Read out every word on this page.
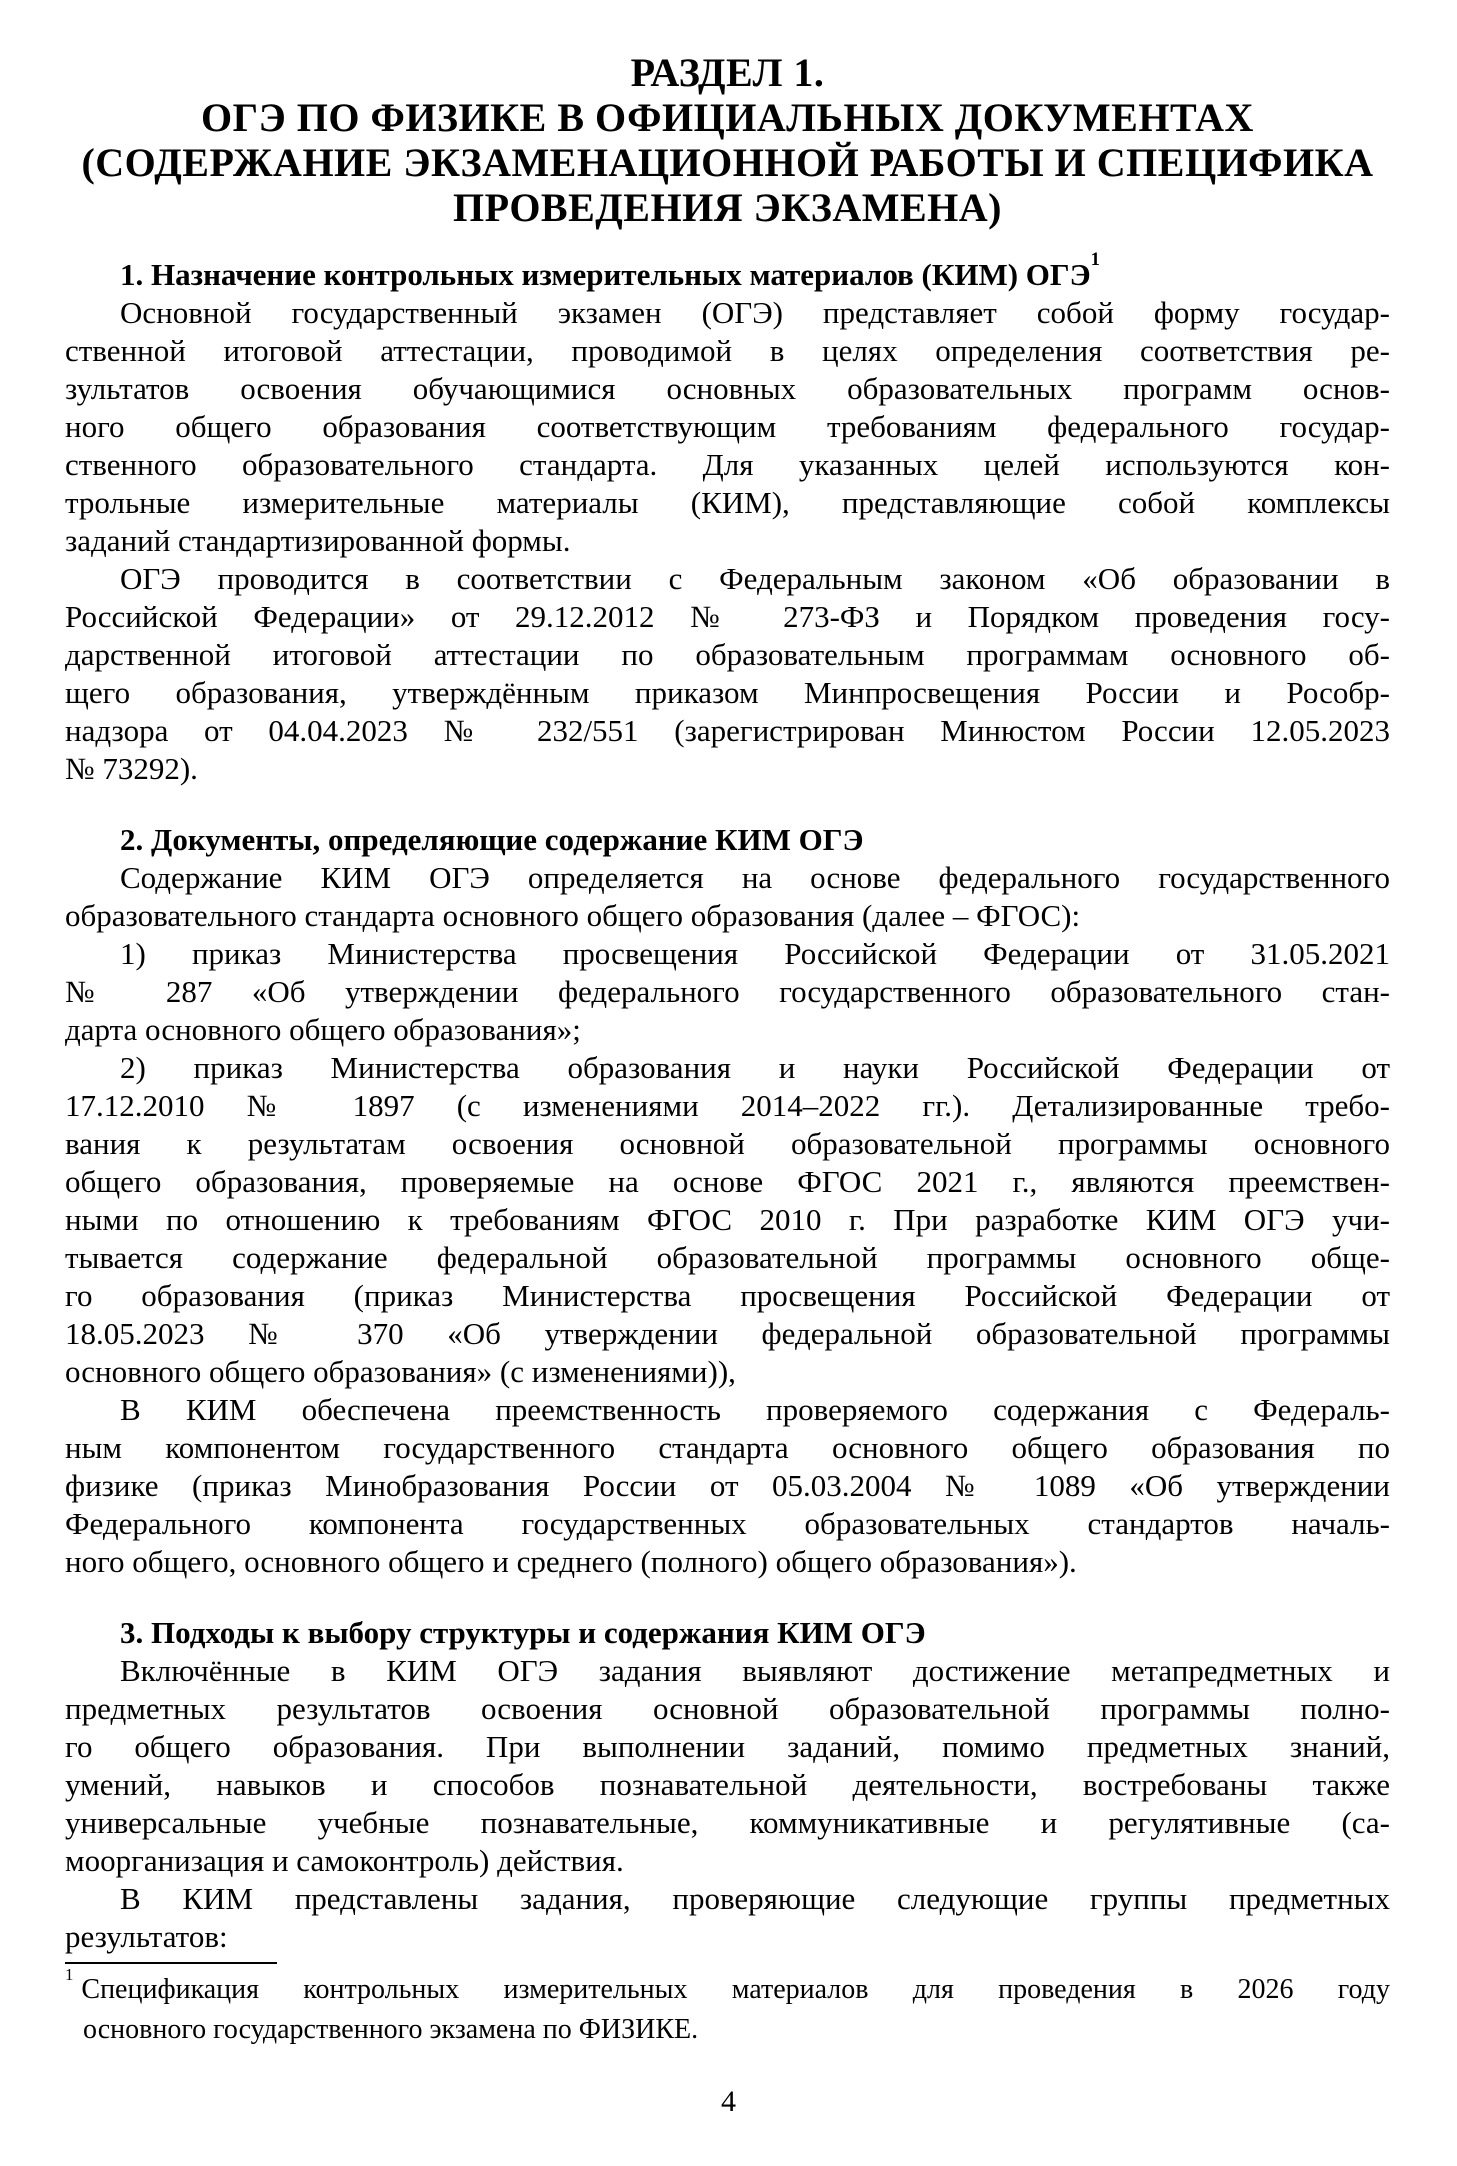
РАЗДЕЛ 1.
ОГЭ ПО ФИЗИКЕ В ОФИЦИАЛЬНЫХ ДОКУМЕНТАХ
(СОДЕРЖАНИЕ ЭКЗАМЕНАЦИОННОЙ РАБОТЫ И СПЕЦИФИКА
ПРОВЕДЕНИЯ ЭКЗАМЕНА)
1. Назначение контрольных измерительных материалов (КИМ) ОГЭ$^1$
Основной государственный экзамен (ОГЭ) представляет собой форму государ-
ственной итоговой аттестации, проводимой в целях определения соответствия ре-
зультатов освоения обучающимися основных образовательных программ основ-
ного общего образования соответствующим требованиям федерального государ-
ственного образовательного стандарта. Для указанных целей используются кон-
трольные измерительные материалы (КИМ), представляющие собой комплексы
заданий стандартизированной формы.
ОГЭ проводится в соответствии с Федеральным законом «Об образовании в
Российской Федерации» от 29.12.2012 № 273-ФЗ и Порядком проведения госу-
дарственной итоговой аттестации по образовательным программам основного об-
щего образования, утверждённым приказом Минпросвещения России и Рособр-
надзора от 04.04.2023 № 232/551 (зарегистрирован Минюстом России 12.05.2023
№ 73292).
2. Документы, определяющие содержание КИМ ОГЭ
Содержание КИМ ОГЭ определяется на основе федерального государственного
образовательного стандарта основного общего образования (далее – ФГОС):
1) приказ Министерства просвещения Российской Федерации от 31.05.2021
№ 287 «Об утверждении федерального государственного образовательного стан-
дарта основного общего образования»;
2) приказ Министерства образования и науки Российской Федерации от
17.12.2010 № 1897 (с изменениями 2014–2022 гг.). Детализированные требо-
вания к результатам освоения основной образовательной программы основного
общего образования, проверяемые на основе ФГОС 2021 г., являются преемствен-
ными по отношению к требованиям ФГОС 2010 г. При разработке КИМ ОГЭ учи-
тывается содержание федеральной образовательной программы основного обще-
го образования (приказ Министерства просвещения Российской Федерации от
18.05.2023 № 370 «Об утверждении федеральной образовательной программы
основного общего образования» (с изменениями)),
В КИМ обеспечена преемственность проверяемого содержания с Федераль-
ным компонентом государственного стандарта основного общего образования по
физике (приказ Минобразования России от 05.03.2004 № 1089 «Об утверждении
Федерального компонента государственных образовательных стандартов началь-
ного общего, основного общего и среднего (полного) общего образования»).
3. Подходы к выбору структуры и содержания КИМ ОГЭ
Включённые в КИМ ОГЭ задания выявляют достижение метапредметных и
предметных результатов освоения основной образовательной программы полно-
го общего образования. При выполнении заданий, помимо предметных знаний,
умений, навыков и способов познавательной деятельности, востребованы также
универсальные учебные познавательные, коммуникативные и регулятивные (са-
моорганизация и самоконтроль) действия.
В КИМ представлены задания, проверяющие следующие группы предметных
результатов:
$^1$ Спецификация контрольных измерительных материалов для проведения в 2026 году
основного государственного экзамена по ФИЗИКЕ.
4
